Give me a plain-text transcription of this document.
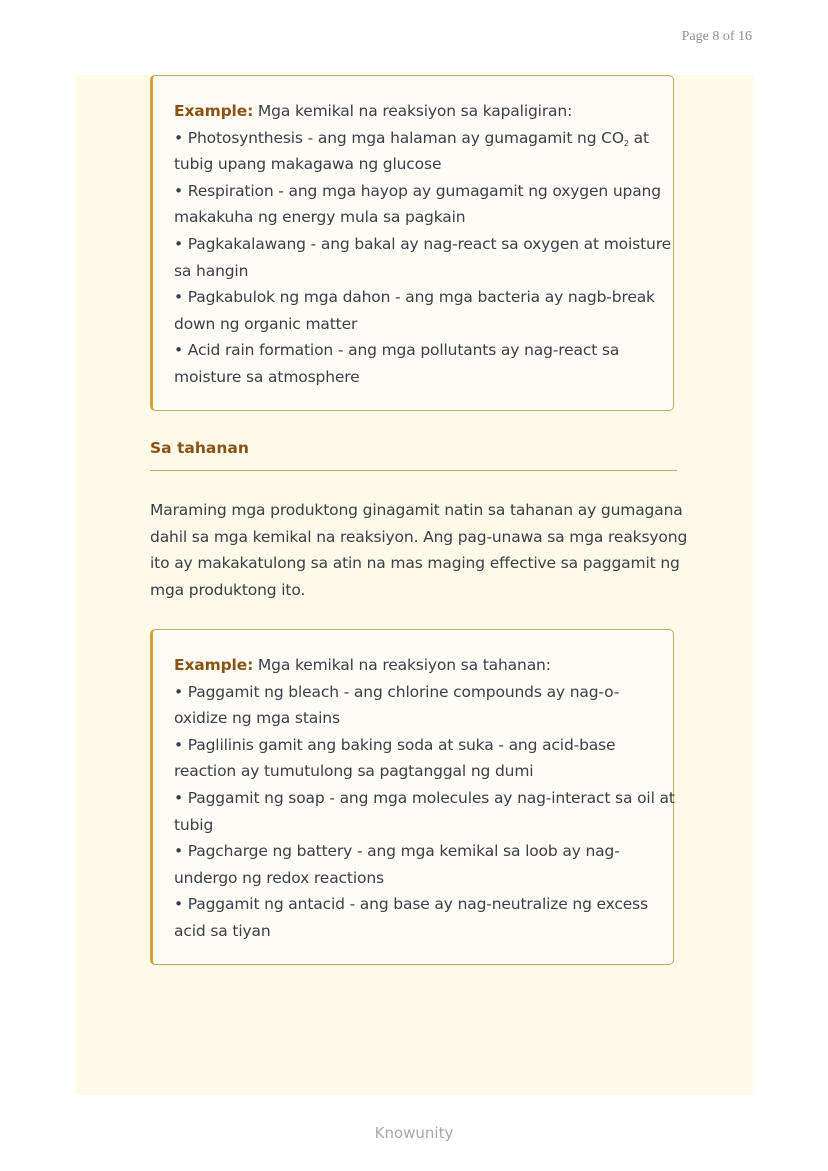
Page 8 of 16
Example: Mga kemikal na reaksiyon sa kapaligiran:
• Photosynthesis - ang mga halaman ay gumagamit ng $CO_2$ at
tubig upang makagawa ng glucose
• Respiration - ang mga hayop ay gumagamit ng oxygen upang
makakuha ng energy mula sa pagkain
• Pagkakalawang - ang bakal ay nag-react sa oxygen at moisture
sa hangin
• Pagkabulok ng mga dahon - ang mga bacteria ay nagb-break
down ng organic matter
• Acid rain formation - ang mga pollutants ay nag-react sa
moisture sa atmosphere
Sa tahanan
Maraming mga produktong ginagamit natin sa tahanan ay gumagana
dahil sa mga kemikal na reaksiyon. Ang pag-unawa sa mga reaksyong
ito ay makakatulong sa atin na mas maging effective sa paggamit ng
mga produktong ito.
Example: Mga kemikal na reaksiyon sa tahanan:
• Paggamit ng bleach - ang chlorine compounds ay nag-o-
oxidize ng mga stains
• Paglilinis gamit ang baking soda at suka - ang acid-base
reaction ay tumutulong sa pagtanggal ng dumi
• Paggamit ng soap - ang mga molecules ay nag-interact sa oil at
tubig
• Pagcharge ng battery - ang mga kemikal sa loob ay nag-
undergo ng redox reactions
• Paggamit ng antacid - ang base ay nag-neutralize ng excess
acid sa tiyan
Knowunity
